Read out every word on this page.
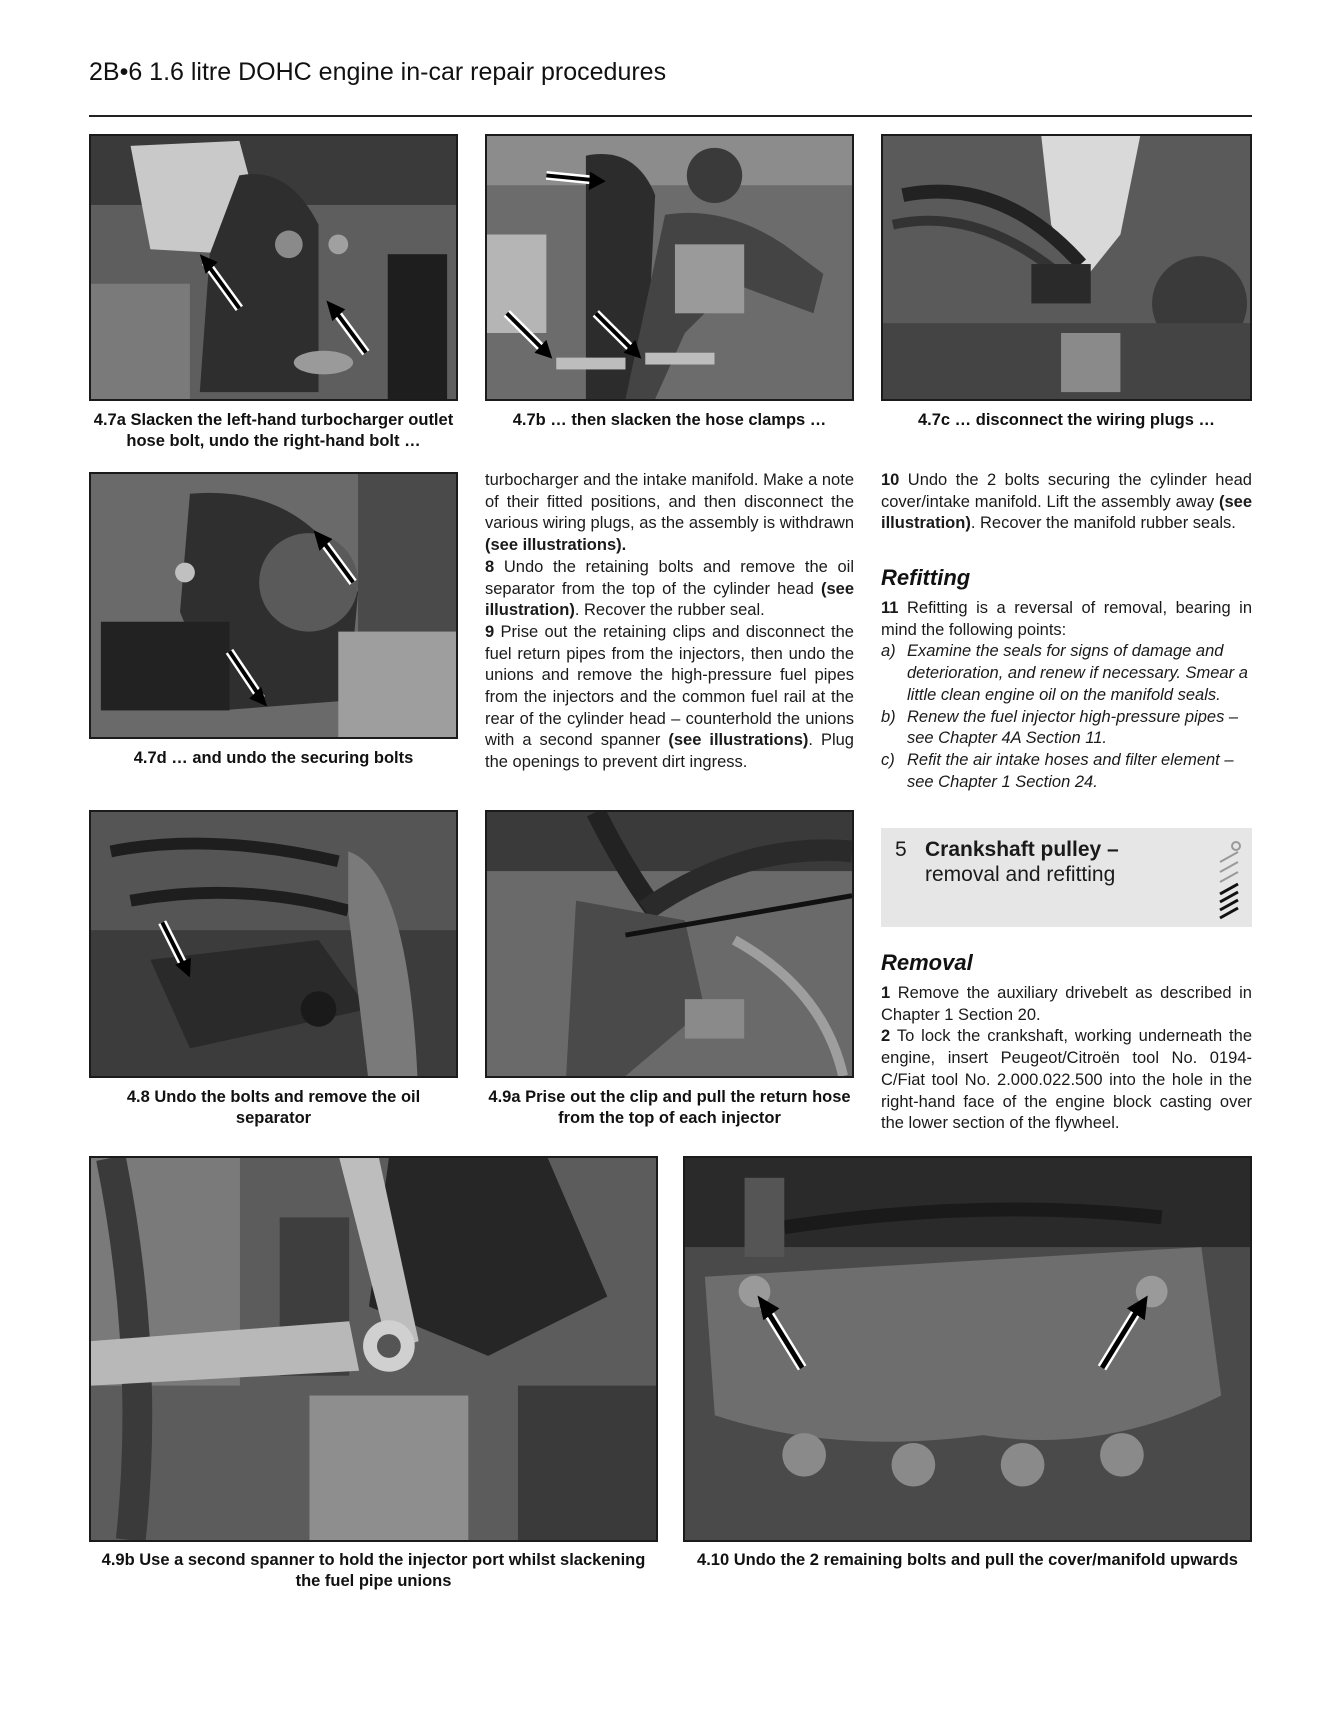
2B•6 1.6 litre DOHC engine in-car repair procedures
4.7a Slacken the left-hand turbocharger outlet hose bolt, undo the right-hand bolt …
4.7b … then slacken the hose clamps …	4.7c … disconnect the wiring plugs …
4.7d … and undo the securing bolts
4.8 Undo the bolts and remove the oil separator
4.9a Prise out the clip and pull the return hose from the top of each injector
4.9b Use a second spanner to hold the injector port whilst slackening the fuel pipe unions
4.10 Undo the 2 remaining bolts and pull the cover/manifold upwards

turbocharger and the intake manifold. Make a note of their fitted positions, and then disconnect the various wiring plugs, as the assembly is withdrawn (see illustrations).

8 Undo the retaining bolts and remove the oil separator from the top of the cylinder head (see illustration). Recover the rubber seal.

9 Prise out the retaining clips and disconnect the fuel return pipes from the injectors, then undo the unions and remove the high-pressure fuel pipes from the injectors and the common fuel rail at the rear of the cylinder head – counterhold the unions with a second spanner (see illustrations). Plug the openings to prevent dirt ingress.

10 Undo the 2 bolts securing the cylinder head cover/intake manifold. Lift the assembly away (see illustration). Recover the manifold rubber seals.

Refitting

11 Refitting is a reversal of removal, bearing in mind the following points:

a) Examine the seals for signs of damage and deterioration, and renew if necessary. Smear a little clean engine oil on the manifold seals.
b) Renew the fuel injector high-pressure pipes – see Chapter 4A Section 11.
c) Refit the air intake hoses and filter element – see Chapter 1 Section 24.
5 Crankshaft pulley –
removal and refitting
Removal

1 Remove the auxiliary drivebelt as described in Chapter 1 Section 20.

2 To lock the crankshaft, working underneath the engine, insert Peugeot/Citroën tool No. 0194-C/Fiat tool No. 2.000.022.500 into the hole in the right-hand face of the engine block casting over the lower section of the flywheel.
